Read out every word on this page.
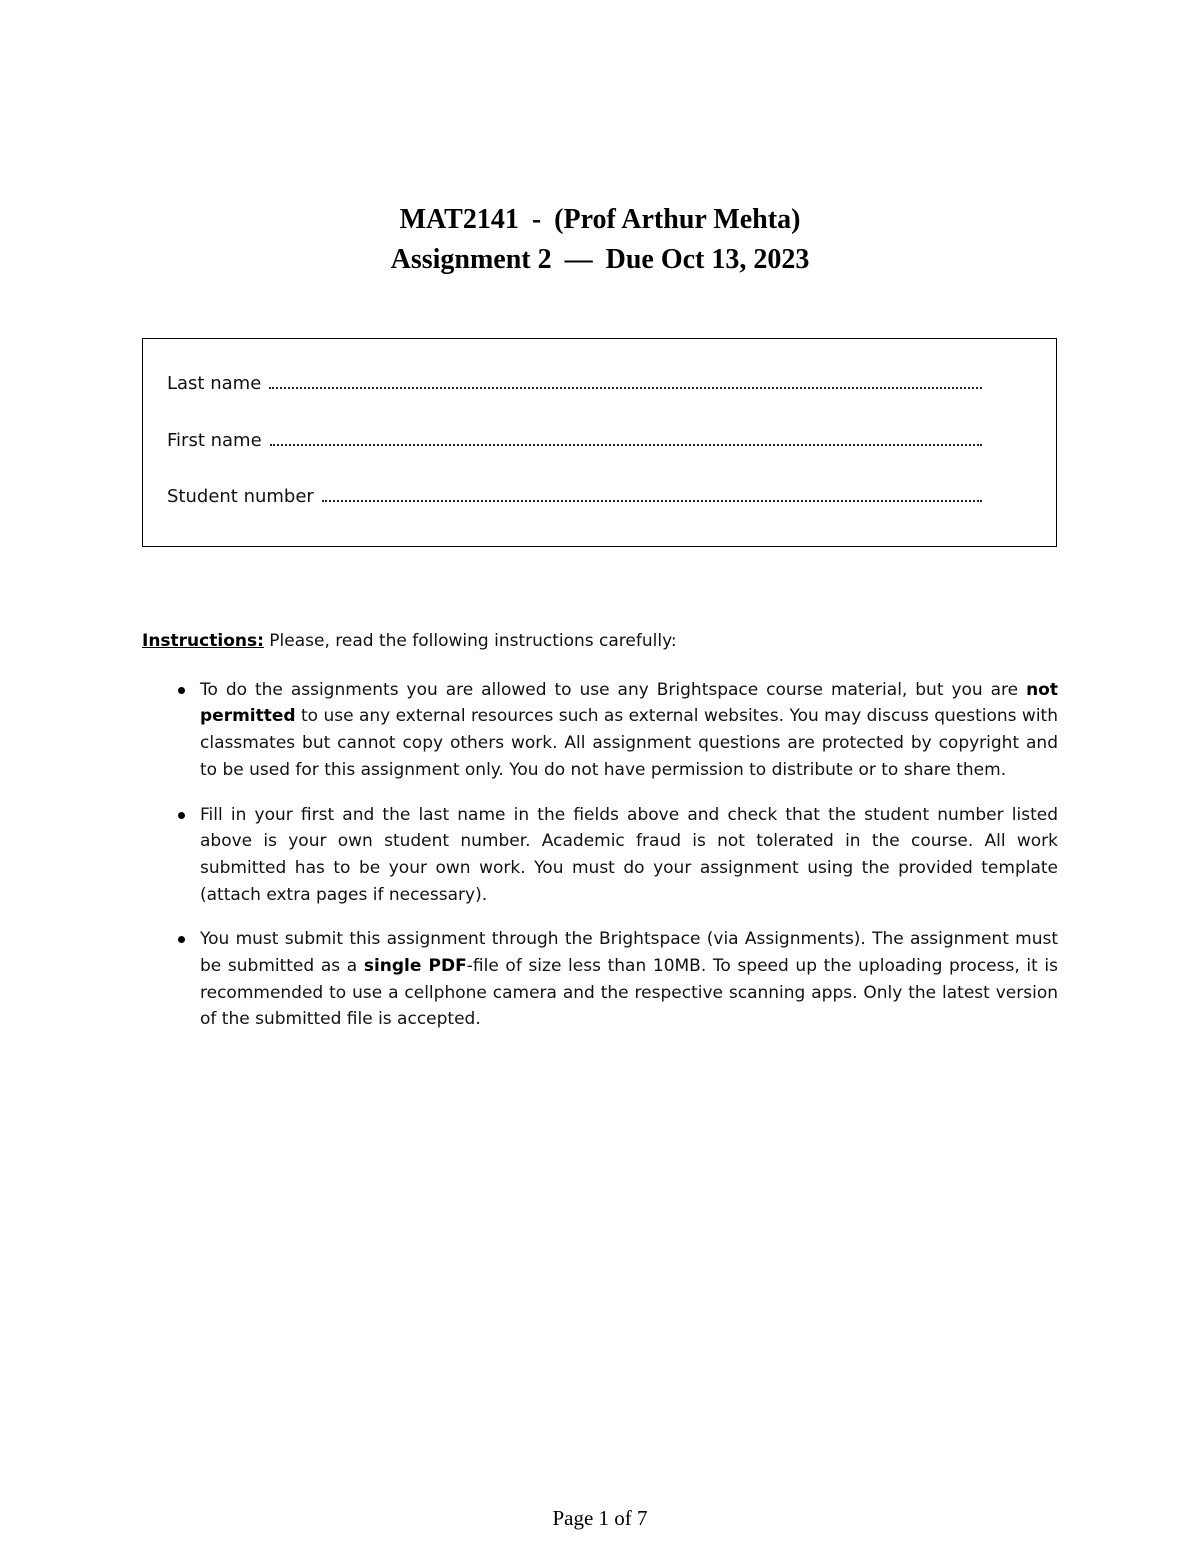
MAT2141 - (Prof Arthur Mehta)
Assignment 2 — Due Oct 13, 2023
Last name
First name
Student number
Instructions: Please, read the following instructions carefully:
To do the assignments you are allowed to use any Brightspace course material, but you are not permitted to use any external resources such as external websites. You may discuss questions with classmates but cannot copy others work. All assignment questions are protected by copyright and to be used for this assignment only. You do not have permission to distribute or to share them.
Fill in your first and the last name in the fields above and check that the student number listed above is your own student number. Academic fraud is not tolerated in the course. All work submitted has to be your own work. You must do your assignment using the provided template (attach extra pages if necessary).
You must submit this assignment through the Brightspace (via Assignments). The assignment must be submitted as a single PDF-file of size less than 10MB. To speed up the uploading process, it is recommended to use a cellphone camera and the respective scanning apps. Only the latest version of the submitted file is accepted.
Page 1 of 7
